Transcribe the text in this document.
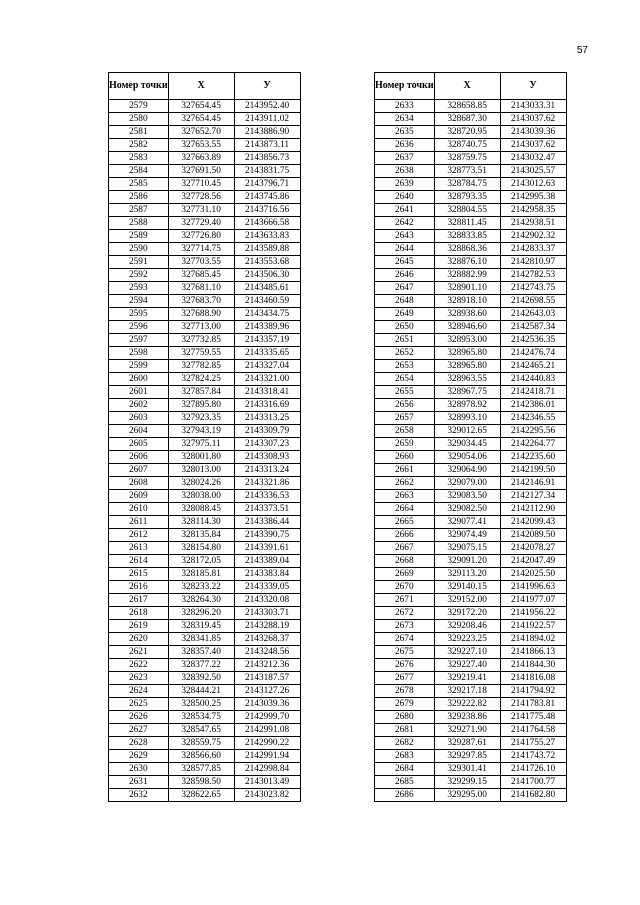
57
Номер точки	Х	У
2579	327654.45	2143952.40
2580	327654.45	2143911.02
2581	327652.70	2143886.90
2582	327653.55	2143873.11
2583	327663.89	2143856.73
2584	327691.50	2143831.75
2585	327710.45	2143796.71
2586	327728.56	2143745.86
2587	327731.10	2143716.56
2588	327729.40	2143666.58
2589	327726.80	2143633.83
2590	327714.75	2143589.88
2591	327703.55	2143553.68
2592	327685.45	2143506.30
2593	327681.10	2143485.61
2594	327683.70	2143460.59
2595	327688.90	2143434.75
2596	327713.00	2143389.96
2597	327732.85	2143357.19
2598	327759.55	2143335.65
2599	327782.85	2143327.04
2600	327824.25	2143321.00
2601	327857.84	2143318.41
2602	327895.80	2143316.69
2603	327923.35	2143313.25
2604	327943.19	2143309.79
2605	327975.11	2143307.23
2606	328001.80	2143308.93
2607	328013.00	2143313.24
2608	328024.26	2143321.86
2609	328038.00	2143336.53
2610	328088.45	2143373.51
2611	328114.30	2143386.44
2612	328135.84	2143390.75
2613	328154.80	2143391.61
2614	328172.05	2143389.04
2615	328185.81	2143383.84
2616	328233.22	2143339.05
2617	328264.30	2143320.08
2618	328296.20	2143303.71
2619	328319.45	2143288.19
2620	328341.85	2143268.37
2621	328357.40	2143248.56
2622	328377.22	2143212.36
2623	328392.50	2143187.57
2624	328444.21	2143127.26
2625	328500.25	2143039.36
2626	328534.75	2142999.70
2627	328547.65	2142991.08
2628	328559.75	2142990.22
2629	328566.60	2142991.94
2630	328577.85	2142998.84
2631	328598.50	2143013.49
2632	328622.65	2143023.82
Номер точки	Х	У
2633	328658.85	2143033.31
2634	328687.30	2143037.62
2635	328720.95	2143039.36
2636	328740.75	2143037.62
2637	328759.75	2143032.47
2638	328773.51	2143025.57
2639	328784.75	2143012.63
2640	328793.35	2142995.38
2641	328804.55	2142958.35
2642	328811.45	2142938.51
2643	328833.85	2142902.32
2644	328868.36	2142833.37
2645	328876.10	2142810.97
2646	328882.99	2142782.53
2647	328901.10	2142743.75
2648	328918.10	2142698.55
2649	328938.60	2142643.03
2650	328946.60	2142587.34
2651	328953.00	2142536.35
2652	328965.80	2142476.74
2653	328965.80	2142465.21
2654	328963.55	2142440.83
2655	328967.75	2142418.71
2656	328978.92	2142386.01
2657	328993.10	2142346.55
2658	329012.65	2142295.56
2659	329034.45	2142264.77
2660	329054.06	2142235.60
2661	329064.90	2142199.50
2662	329079.00	2142146.91
2663	329083.50	2142127.34
2664	329082.50	2142112.90
2665	329077.41	2142099.43
2666	329074.49	2142089.50
2667	329075.15	2142078.27
2668	329091.20	2142047.49
2669	329113.20	2142025.50
2670	329140.15	2141996.63
2671	329152.00	2141977.07
2672	329172.20	2141956.22
2673	329208.46	2141922.57
2674	329223.25	2141894.02
2675	329227.10	2141866.13
2676	329227.40	2141844.30
2677	329219.41	2141816.08
2678	329217.18	2141794.92
2679	329222.82	2141783.81
2680	329238.86	2141775.48
2681	329271.90	2141764.58
2682	329287.61	2141755.27
2683	329297.85	2141743.72
2684	329301.41	2141726.10
2685	329299.15	2141700.77
2686	329295.00	2141682.80
